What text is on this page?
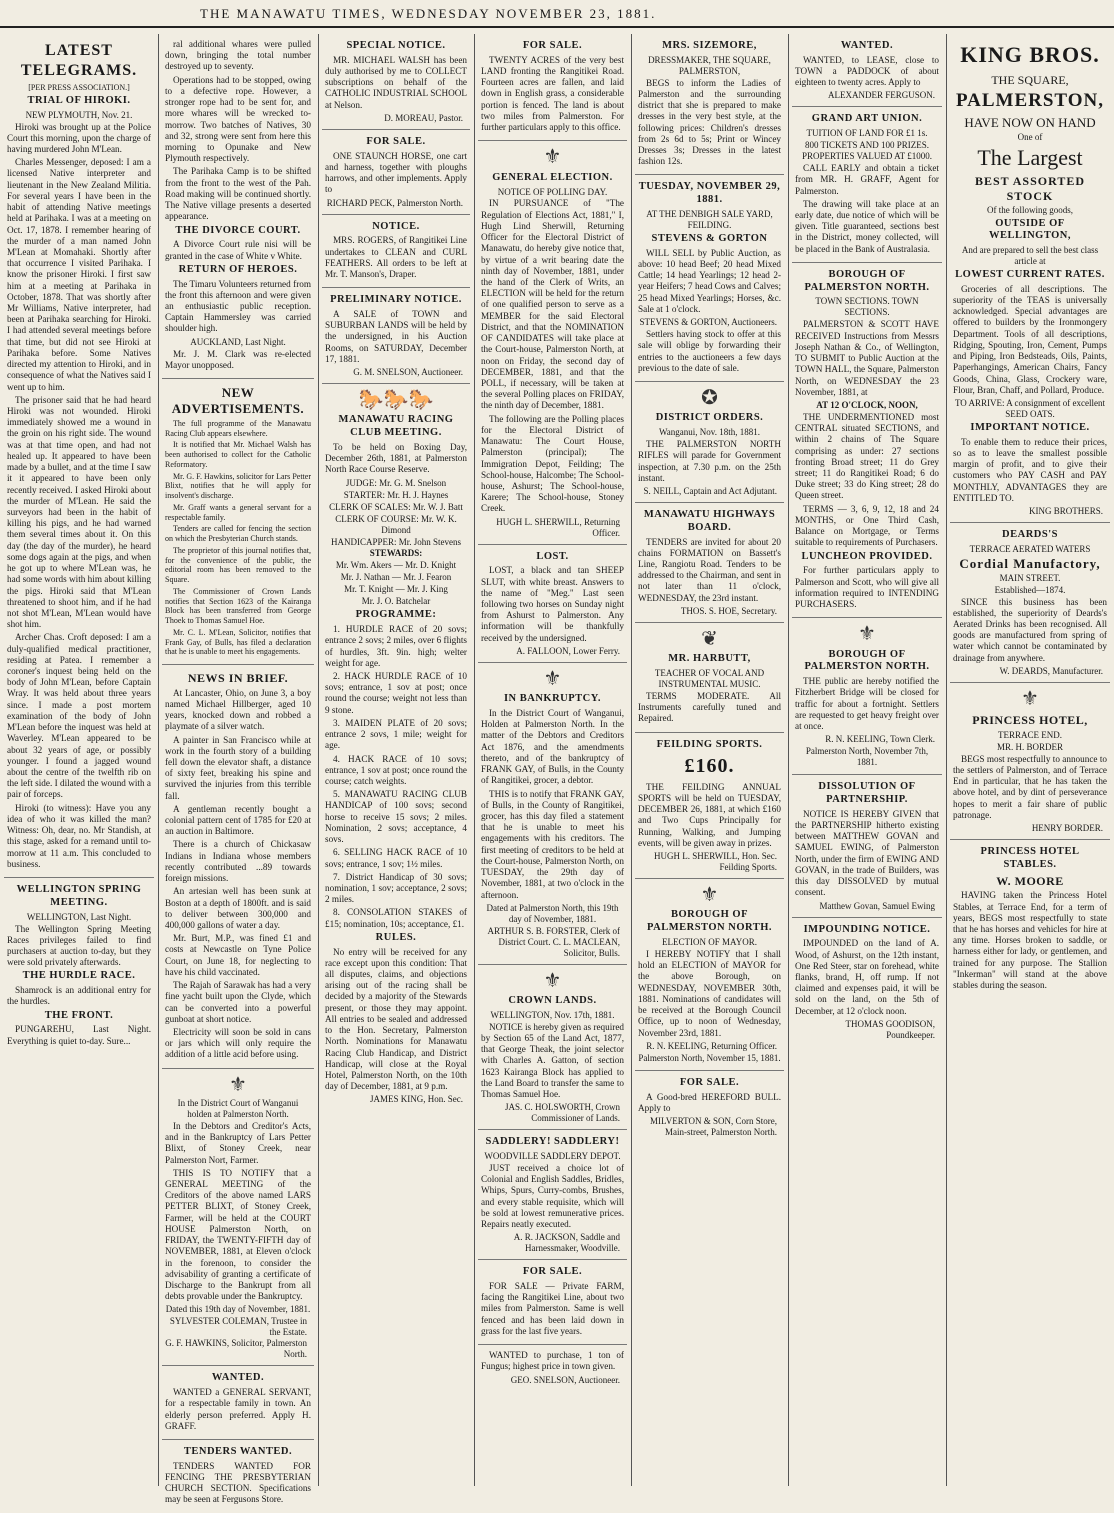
THE MANAWATU TIMES, WEDNESDAY NOVEMBER 23, 1881.
LATEST TELEGRAMS.
[PER PRESS ASSOCIATION.]
TRIAL OF HIROKI.
NEW PLYMOUTH, Nov. 21.

Hiroki was brought up at the Police Court this morning, upon the charge of having murdered John M'Lean.

Charles Messenger, deposed: I am a licensed Native interpreter and lieutenant in the New Zealand Militia. For several years I have been in the habit of attending Native meetings held at Parihaka. I was at a meeting on Oct. 17, 1878. I remember hearing of the murder of a man named John M'Lean at Momahaki. Shortly after that occurrence I visited Parihaka. I know the prisoner Hiroki. I first saw him at a meeting at Parihaka in October, 1878. That was shortly after Mr Williams, Native interpreter, had been at Parihaka searching for Hiroki. I had attended several meetings before that time, but did not see Hiroki at Parihaka before. Some Natives directed my attention to Hiroki, and in consequence of what the Natives said I went up to him.

The prisoner said that he had heard Hiroki was not wounded. Hiroki immediately showed me a wound in the groin on his right side. The wound was at that time open, and had not healed up. It appeared to have been made by a bullet, and at the time I saw it it appeared to have been only recently received. I asked Hiroki about the murder of M'Lean. He said the surveyors had been in the habit of killing his pigs, and he had warned them several times about it. On this day (the day of the murder), he heard some dogs again at the pigs, and when he got up to where M'Lean was, he had some words with him about killing the pigs. Hiroki said that M'Lean threatened to shoot him, and if he had not shot M'Lean, M'Lean would have shot him.

Archer Chas. Croft deposed: I am a duly-qualified medical practitioner, residing at Patea. I remember a coroner's inquest being held on the body of John M'Lean, before Captain Wray. It was held about three years since. I made a post mortem examination of the body of John M'Lean before the inquest was held at Waverley. M'Lean appeared to be about 32 years of age, or possibly younger. I found a jagged wound about the centre of the twelfth rib on the left side. I dilated the wound with a pair of forceps.

Hiroki (to witness): Have you any idea of who it was killed the man? Witness: Oh, dear, no. Mr Standish, at this stage, asked for a remand until to-morrow at 11 a.m. This concluded to business.

WELLINGTON SPRING MEETING.
WELLINGTON, Last Night.

The Wellington Spring Meeting Races privileges failed to find purchasers at auction to-day, but they were sold privately afterwards.

THE HURDLE RACE.

Shamrock is an additional entry for the hurdles.

THE FRONT.

PUNGAREHU, Last Night. Everything is quiet to-day. Sure...

ral additional whares were pulled down, bringing the total number destroyed up to seventy.

Operations had to be stopped, owing to a defective rope. However, a stronger rope had to be sent for, and more whares will be wrecked to-morrow. Two batches of Natives, 30 and 32, strong were sent from here this morning to Opunake and New Plymouth respectively.

The Parihaka Camp is to be shifted from the front to the west of the Pah. Road making will be continued shortly. The Native village presents a deserted appearance.

THE DIVORCE COURT.

A Divorce Court rule nisi will be granted in the case of White v White.

RETURN OF HEROES.

The Timaru Volunteers returned from the front this afternoon and were given an enthusiastic public reception. Captain Hammersley was carried shoulder high.

AUCKLAND, Last Night.

Mr. J. M. Clark was re-elected Mayor unopposed.

NEW ADVERTISEMENTS.

The full programme of the Manawatu Racing Club appears elsewhere.

It is notified that Mr. Michael Walsh has been authorised to collect for the Catholic Reformatory.

Mr. G. F. Hawkins, solicitor for Lars Petter Blixt, notifies that he will apply for insolvent's discharge.

Mr. Graff wants a general servant for a respectable family.

Tenders are called for fencing the section on which the Presbyterian Church stands.

The proprietor of this journal notifies that, for the convenience of the public, the editorial room has been removed to the Square.

The Commissioner of Crown Lands notifies that Section 1623 of the Kairanga Block has been transferred from George Thoek to Thomas Samuel Hoe.

Mr. C. L. M'Lean, Solicitor, notifies that Frank Gay, of Bulls, has filed a declaration that he is unable to meet his engagements.

NEWS IN BRIEF.

At Lancaster, Ohio, on June 3, a boy named Michael Hillberger, aged 10 years, knocked down and robbed a playmate of a silver watch.

A painter in San Francisco while at work in the fourth story of a building fell down the elevator shaft, a distance of sixty feet, breaking his spine and survived the injuries from this terrible fall.

A gentleman recently bought a colonial pattern cent of 1785 for £20 at an auction in Baltimore.

There is a church of Chickasaw Indians in Indiana whose members recently contributed ...89 towards foreign missions.

An artesian well has been sunk at Boston at a depth of 1800ft. and is said to deliver between 300,000 and 400,000 gallons of water a day.

Mr. Burt, M.P., was fined £1 and costs at Newcastle on Tyne Police Court, on June 18, for neglecting to have his child vaccinated.

The Rajah of Sarawak has had a very fine yacht built upon the Clyde, which can be converted into a powerful gunboat at short notice.

Electricity will soon be sold in cans or jars which will only require the addition of a little acid before using.

⚜
In the District Court of Wanganui holden at Palmerston North.

In the Debtors and Creditor's Acts, and in the Bankruptcy of Lars Petter Blixt, of Stoney Creek, near Palmerston Nort, Farmer.

THIS IS TO NOTIFY that a GENERAL MEETING of the Creditors of the above named LARS PETTER BLIXT, of Stoney Creek, Farmer, will be held at the COURT HOUSE Palmerston North, on FRIDAY, the TWENTY-FIFTH day of NOVEMBER, 1881, at Eleven o'clock in the forenoon, to consider the advisability of granting a certificate of Discharge to the Bankrupt from all debts provable under the Bankruptcy.

Dated this 19th day of November, 1881.
SYLVESTER COLEMAN, Trustee in the Estate.
G. F. HAWKINS, Solicitor, Palmerston North.
WANTED.

WANTED a GENERAL SERVANT, for a respectable family in town. An elderly person preferred. Apply H. GRAFF.

TENDERS WANTED.

TENDERS WANTED FOR FENCING THE PRESBYTERIAN CHURCH SECTION. Specifications may be seen at Fergusons Store.

SPECIAL NOTICE.

MR. MICHAEL WALSH has been duly authorised by me to COLLECT subscriptions on behalf of the CATHOLIC INDUSTRIAL SCHOOL at Nelson.

D. MOREAU, Pastor.
FOR SALE.

ONE STAUNCH HORSE, one cart and harness, together with ploughs harrows, and other implements. Apply to

RICHARD PECK, Palmerston North.
NOTICE.

MRS. ROGERS, of Rangitikei Line undertakes to CLEAN and CURL FEATHERS. All orders to be left at Mr. T. Manson's, Draper.

PRELIMINARY NOTICE.

A SALE of TOWN and SUBURBAN LANDS will be held by the undersigned, in his Auction Rooms, on SATURDAY, December 17, 1881.

G. M. SNELSON, Auctioneer.
🐎🐎🐎
MANAWATU RACING CLUB MEETING.

To be held on Boxing Day, December 26th, 1881, at Palmerston North Race Course Reserve.

JUDGE: Mr. G. M. Snelson
STARTER: Mr. H. J. Haynes
CLERK OF SCALES: Mr. W. J. Batt
CLERK OF COURSE: Mr. W. K. Dimond
HANDICAPPER: Mr. John Stevens
STEWARDS:
Mr. Wm. Akers — Mr. D. Knight
Mr. J. Nathan — Mr. J. Fearon
Mr. T. Knight — Mr. J. King
Mr. J. O. Batchelar
PROGRAMME:

1. HURDLE RACE of 20 sovs; entrance 2 sovs; 2 miles, over 6 flights of hurdles, 3ft. 9in. high; welter weight for age.

2. HACK HURDLE RACE of 10 sovs; entrance, 1 sov at post; once round the course; weight not less than 9 stone.

3. MAIDEN PLATE of 20 sovs; entrance 2 sovs, 1 mile; weight for age.

4. HACK RACE of 10 sovs; entrance, 1 sov at post; once round the course; catch weights.

5. MANAWATU RACING CLUB HANDICAP of 100 sovs; second horse to receive 15 sovs; 2 miles. Nomination, 2 sovs; acceptance, 4 sovs.

6. SELLING HACK RACE of 10 sovs; entrance, 1 sov; 1½ miles.

7. District Handicap of 30 sovs; nomination, 1 sov; acceptance, 2 sovs; 2 miles.

8. CONSOLATION STAKES of £15; nomination, 10s; acceptance, £1.

RULES.

No entry will be received for any race except upon this condition: That all disputes, claims, and objections arising out of the racing shall be decided by a majority of the Stewards present, or those they may appoint. All entries to be sealed and addressed to the Hon. Secretary, Palmerston North. Nominations for Manawatu Racing Club Handicap, and District Handicap, will close at the Royal Hotel, Palmerston North, on the 10th day of December, 1881, at 9 p.m.

JAMES KING, Hon. Sec.
FOR SALE.

TWENTY ACRES of the very best LAND fronting the Rangitikei Road. Fourteen acres are fallen, and laid down in English grass, a considerable portion is fenced. The land is about two miles from Palmerston. For further particulars apply to this office.

⚜
GENERAL ELECTION.
NOTICE OF POLLING DAY.

IN PURSUANCE of "The Regulation of Elections Act, 1881," I, Hugh Lind Sherwill, Returning Officer for the Electoral District of Manawatu, do hereby give notice that, by virtue of a writ bearing date the ninth day of November, 1881, under the hand of the Clerk of Writs, an ELECTION will be held for the return of one qualified person to serve as a MEMBER for the said Electoral District, and that the NOMINATION OF CANDIDATES will take place at the Court-house, Palmerston North, at noon on Friday, the second day of DECEMBER, 1881, and that the POLL, if necessary, will be taken at the several Polling places on FRIDAY, the ninth day of December, 1881.

The following are the Polling places for the Electoral District of Manawatu: The Court House, Palmerston (principal); The Immigration Depot, Feilding; The School-house, Halcombe; The School-house, Ashurst; The School-house, Karere; The School-house, Stoney Creek.

HUGH L. SHERWILL, Returning Officer.
LOST.

LOST, a black and tan SHEEP SLUT, with white breast. Answers to the name of "Meg." Last seen following two horses on Sunday night from Ashurst to Palmerston. Any information will be thankfully received by the undersigned.

A. FALLOON, Lower Ferry.
⚜
IN BANKRUPTCY.

In the District Court of Wanganui, Holden at Palmerston North. In the matter of the Debtors and Creditors Act 1876, and the amendments thereto, and of the bankruptcy of FRANK GAY, of Bulls, in the County of Rangitikei, grocer, a debtor.

THIS is to notify that FRANK GAY, of Bulls, in the County of Rangitikei, grocer, has this day filed a statement that he is unable to meet his engagements with his creditors. The first meeting of creditors to be held at the Court-house, Palmerston North, on TUESDAY, the 29th day of November, 1881, at two o'clock in the afternoon.

Dated at Palmerston North, this 19th day of November, 1881.
ARTHUR S. B. FORSTER, Clerk of District Court. C. L. MACLEAN, Solicitor, Bulls.
⚜
CROWN LANDS.
WELLINGTON, Nov. 17th, 1881.

NOTICE is hereby given as required by Section 65 of the Land Act, 1877, that George Theak, the joint selector with Charles A. Gatton, of section 1623 Kairanga Block has applied to the Land Board to transfer the same to Thomas Samuel Hoe.

JAS. C. HOLSWORTH, Crown Commissioner of Lands.
SADDLERY! SADDLERY!
WOODVILLE SADDLERY DEPOT.

JUST received a choice lot of Colonial and English Saddles, Bridles, Whips, Spurs, Curry-combs, Brushes, and every stable requisite, which will be sold at lowest remunerative prices. Repairs neatly executed.

A. R. JACKSON, Saddle and Harnessmaker, Woodville.
FOR SALE.

FOR SALE — Private FARM, facing the Rangitikei Line, about two miles from Palmerston. Same is well fenced and has been laid down in grass for the last five years.

WANTED to purchase, 1 ton of Fungus; highest price in town given.

GEO. SNELSON, Auctioneer.
MRS. SIZEMORE,
DRESSMAKER, THE SQUARE, PALMERSTON,

BEGS to inform the Ladies of Palmerston and the surrounding district that she is prepared to make dresses in the very best style, at the following prices: Children's dresses from 2s 6d to 5s; Print or Wincey Dresses 3s; Dresses in the latest fashion 12s.

TUESDAY, NOVEMBER 29, 1881.
AT THE DENBIGH SALE YARD, FEILDING.
STEVENS & GORTON

WILL SELL by Public Auction, as above: 10 head Beef; 20 head Mixed Cattle; 14 head Yearlings; 12 head 2-year Heifers; 7 head Cows and Calves; 25 head Mixed Yearlings; Horses, &c. Sale at 1 o'clock.

STEVENS & GORTON, Auctioneers.

Settlers having stock to offer at this sale will oblige by forwarding their entries to the auctioneers a few days previous to the date of sale.

✪
DISTRICT ORDERS.
Wanganui, Nov. 18th, 1881.

THE PALMERSTON NORTH RIFLES will parade for Government inspection, at 7.30 p.m. on the 25th instant.

S. NEILL, Captain and Act Adjutant.
MANAWATU HIGHWAYS BOARD.

TENDERS are invited for about 20 chains FORMATION on Bassett's Line, Rangiotu Road. Tenders to be addressed to the Chairman, and sent in not later than 11 o'clock, WEDNESDAY, the 23rd instant.

THOS. S. HOE, Secretary.
❦
MR. HARBUTT,
TEACHER OF VOCAL AND INSTRUMENTAL MUSIC.

TERMS MODERATE. All Instruments carefully tuned and Repaired.

FEILDING SPORTS.
£160.

THE FEILDING ANNUAL SPORTS will be held on TUESDAY, DECEMBER 26, 1881, at which £160 and Two Cups Principally for Running, Walking, and Jumping events, will be given away in prizes.

HUGH L. SHERWILL, Hon. Sec. Feilding Sports.
⚜
BOROUGH OF PALMERSTON NORTH.
ELECTION OF MAYOR.

I HEREBY NOTIFY that I shall hold an ELECTION of MAYOR for the above Borough, on WEDNESDAY, NOVEMBER 30th, 1881. Nominations of candidates will be received at the Borough Council Office, up to noon of Wednesday, November 23rd, 1881.

R. N. KEELING, Returning Officer.
Palmerston North, November 15, 1881.
FOR SALE.

A Good-bred HEREFORD BULL. Apply to

MILVERTON & SON, Corn Store, Main-street, Palmerston North.
WANTED.

WANTED, to LEASE, close to TOWN a PADDOCK of about eighteen to twenty acres. Apply to

ALEXANDER FERGUSON.
GRAND ART UNION.
TUITION OF LAND FOR £1 1s.
800 TICKETS AND 100 PRIZES. PROPERTIES VALUED AT £1000.

CALL EARLY and obtain a ticket from MR. H. GRAFF, Agent for Palmerston.

The drawing will take place at an early date, due notice of which will be given. Title guaranteed, sections best in the District, money collected, will be placed in the Bank of Australasia.

BOROUGH OF PALMERSTON NORTH.
TOWN SECTIONS. TOWN SECTIONS.

PALMERSTON & SCOTT HAVE RECEIVED Instructions from Messrs Joseph Nathan & Co., of Wellington, TO SUBMIT to Public Auction at the TOWN HALL, the Square, Palmerston North, on WEDNESDAY the 23 November, 1881, at

AT 12 O'CLOCK, NOON,

THE UNDERMENTIONED most CENTRAL situated SECTIONS, and within 2 chains of The Square comprising as under: 27 sections fronting Broad street; 11 do Grey street; 11 do Rangitikei Road; 6 do Duke street; 33 do King street; 28 do Queen street.

TERMS — 3, 6, 9, 12, 18 and 24 MONTHS, or One Third Cash, Balance on Mortgage, or Terms suitable to requirements of Purchasers.

LUNCHEON PROVIDED.

For further particulars apply to Palmerson and Scott, who will give all information required to INTENDING PURCHASERS.

⚜
BOROUGH OF PALMERSTON NORTH.

THE public are hereby notified the Fitzherbert Bridge will be closed for traffic for about a fortnight. Settlers are requested to get heavy freight over at once.

R. N. KEELING, Town Clerk.
Palmerston North, November 7th, 1881.
DISSOLUTION OF PARTNERSHIP.

NOTICE IS HEREBY GIVEN that the PARTNERSHIP hitherto existing between MATTHEW GOVAN and SAMUEL EWING, of Palmerston North, under the firm of EWING AND GOVAN, in the trade of Builders, was this day DISSOLVED by mutual consent.

Matthew Govan, Samuel Ewing
IMPOUNDING NOTICE.

IMPOUNDED on the land of A. Wood, of Ashurst, on the 12th instant, One Red Steer, star on forehead, white flanks, brand, H, off rump. If not claimed and expenses paid, it will be sold on the land, on the 5th of December, at 12 o'clock noon.

THOMAS GOODISON, Poundkeeper.
KING BROS.
THE SQUARE,
PALMERSTON,
HAVE NOW ON HAND
One of
The Largest
BEST ASSORTED STOCK
Of the following goods,
OUTSIDE OF WELLINGTON,
And are prepared to sell the best class article at
LOWEST CURRENT RATES.

Groceries of all descriptions. The superiority of the TEAS is universally acknowledged. Special advantages are offered to builders by the Ironmongery Department. Tools of all descriptions, Ridging, Spouting, Iron, Cement, Pumps and Piping, Iron Bedsteads, Oils, Paints, Paperhangings, American Chairs, Fancy Goods, China, Glass, Crockery ware, Flour, Bran, Chaff, and Pollard, Produce.

TO ARRIVE: A consignment of excellent SEED OATS.
IMPORTANT NOTICE.

To enable them to reduce their prices, so as to leave the smallest possible margin of profit, and to give their customers who PAY CASH and PAY MONTHLY, ADVANTAGES they are ENTITLED TO.

KING BROTHERS.
DEARDS'S
TERRACE AERATED WATERS
Cordial Manufactory,
MAIN STREET.
Established—1874.

SINCE this business has been established, the superiority of Deards's Aerated Drinks has been recognised. All goods are manufactured from spring of water which cannot be contaminated by drainage from anywhere.

W. DEARDS, Manufacturer.
⚜
PRINCESS HOTEL,
TERRACE END.
MR. H. BORDER

BEGS most respectfully to announce to the settlers of Palmerston, and of Terrace End in particular, that he has taken the above hotel, and by dint of perseverance hopes to merit a fair share of public patronage.

HENRY BORDER.
PRINCESS HOTEL STABLES.
W. MOORE

HAVING taken the Princess Hotel Stables, at Terrace End, for a term of years, BEGS most respectfully to state that he has horses and vehicles for hire at any time. Horses broken to saddle, or harness either for lady, or gentlemen, and trained for any purpose. The Stallion "Inkerman" will stand at the above stables during the season.
